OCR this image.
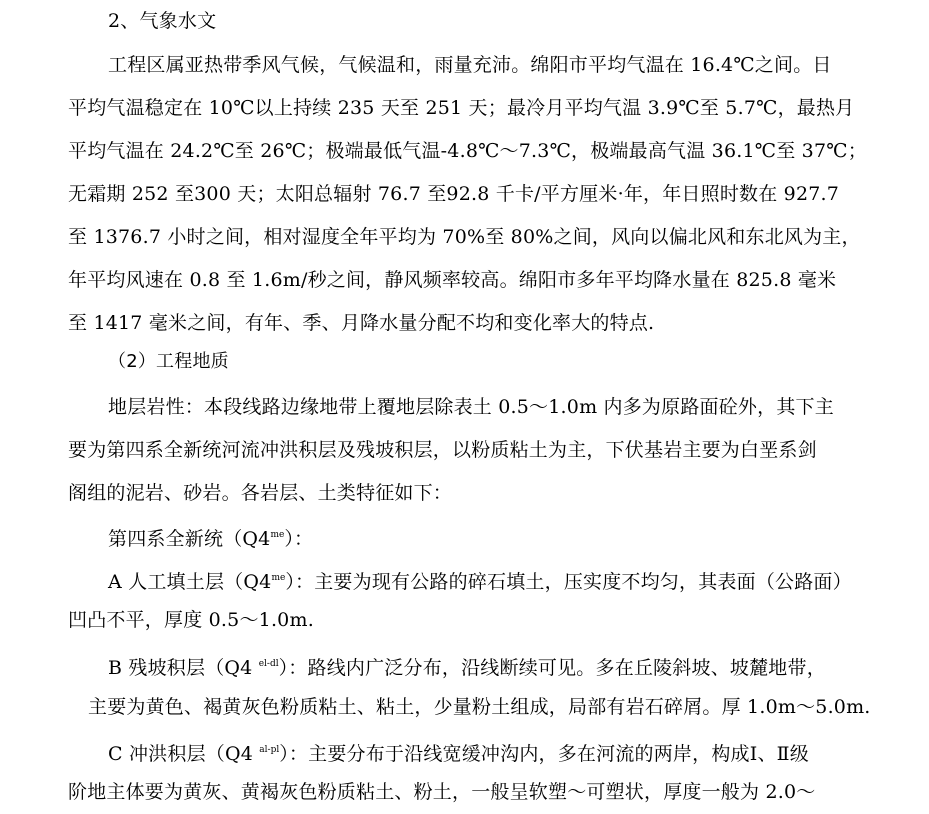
2、气象水文
工程区属亚热带季风气候，气候温和，雨量充沛。绵阳市平均气温在 16.4℃之间。日
平均气温稳定在 10℃以上持续 235 天至 251 天；最冷月平均气温 3.9℃至 5.7℃，最热月
平均气温在 24.2℃至 26℃；极端最低气温-4.8℃～7.3℃，极端最高气温 36.1℃至 37℃；
无霜期 252 至300 天；太阳总辐射 76.7 至92.8 千卡/平方厘米·年，年日照时数在 927.7
至 1376.7 小时之间，相对湿度全年平均为 70%至 80%之间，风向以偏北风和东北风为主，
年平均风速在 0.8 至 1.6m/秒之间，静风频率较高。绵阳市多年平均降水量在 825.8 毫米
至 1417 毫米之间，有年、季、月降水量分配不均和变化率大的特点.
（2）工程地质
地层岩性：本段线路边缘地带上覆地层除表土 0.5～1.0m 内多为原路面砼外，其下主
要为第四系全新统河流冲洪积层及残坡积层，以粉质粘土为主，下伏基岩主要为白垩系剑
阁组的泥岩、砂岩。各岩层、土类特征如下：
第四系全新统$(Q4^{me})$：
A 人工填土层$(Q4^{me})$：主要为现有公路的碎石填土，压实度不均匀，其表面（公路面）
凹凸不平，厚度 0.5～1.0m.
B 残坡积层（Q4 $^{el-dl}$）：路线内广泛分布，沿线断续可见。多在丘陵斜坡、坡麓地带，
主要为黄色、褐黄灰色粉质粘土、粘土，少量粉土组成，局部有岩石碎屑。厚 1.0m～5.0m.
C 冲洪积层（Q4 $^{al-pl}$）：主要分布于沿线宽缓冲沟内，多在河流的两岸，构成Ⅰ、Ⅱ级
阶地主体要为黄灰、黄褐灰色粉质粘土、粉土，一般呈软塑～可塑状，厚度一般为 2.0～
